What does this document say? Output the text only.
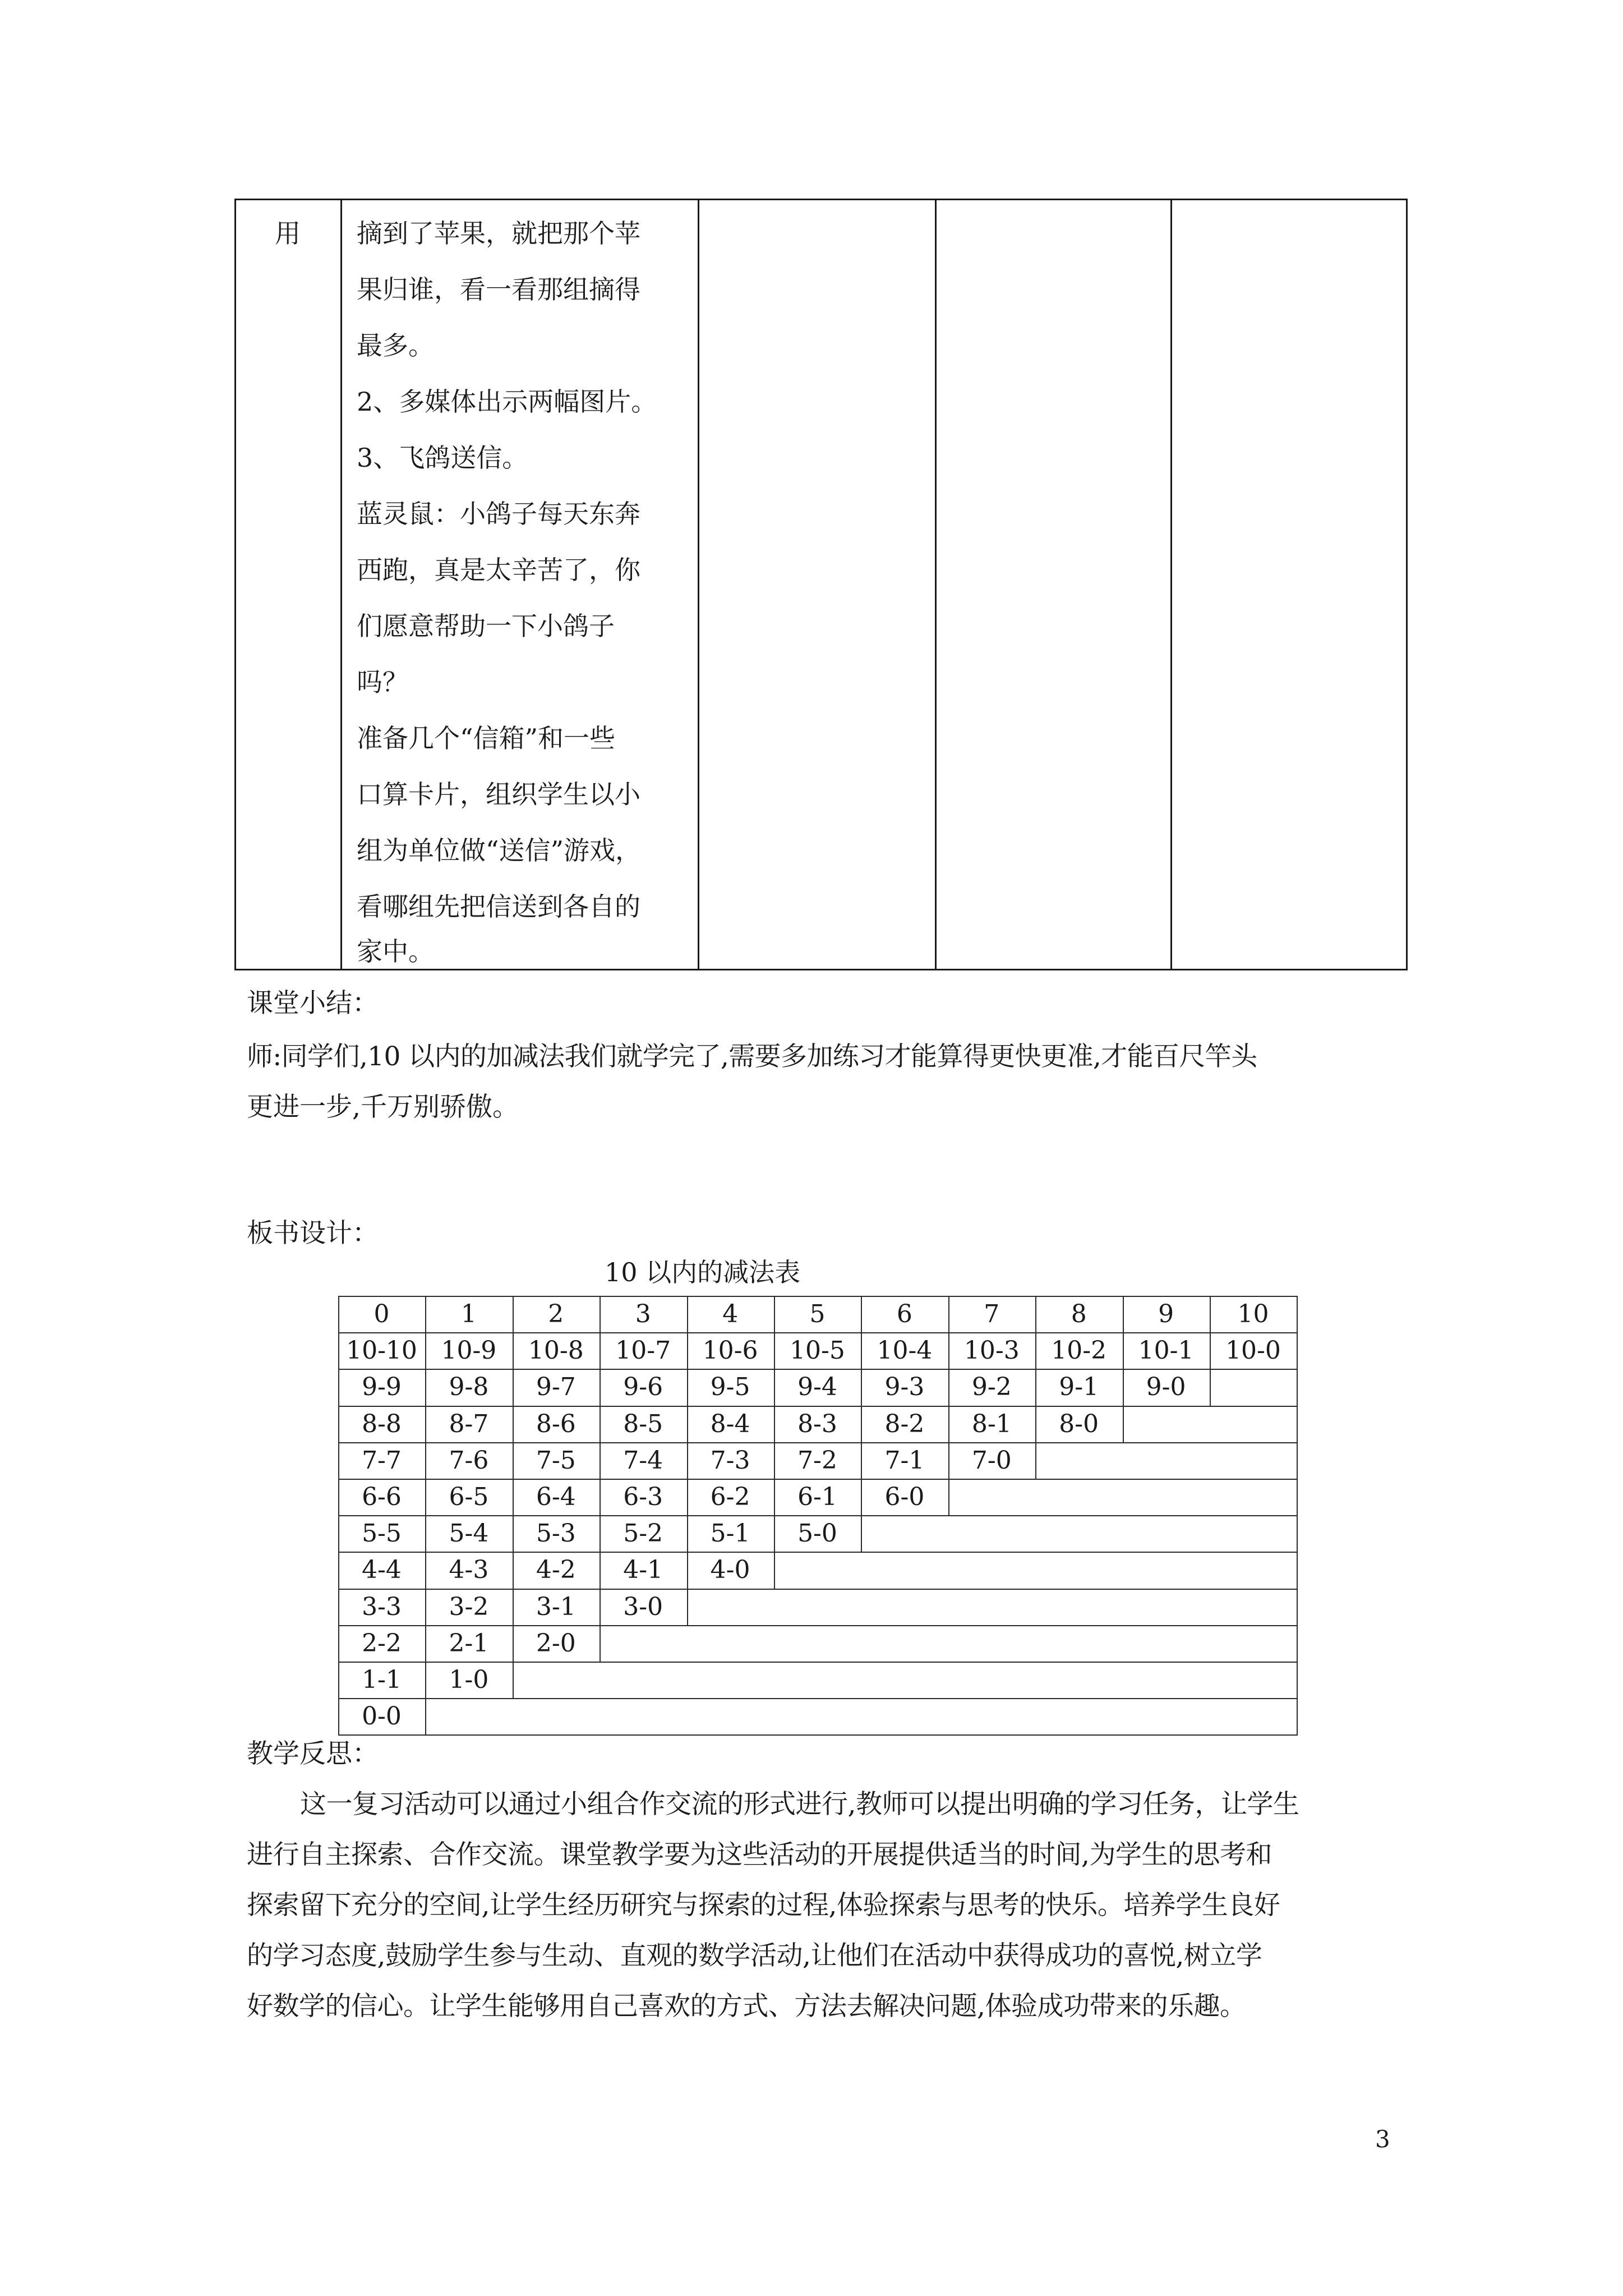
用 摘到了苹果，就把那个苹
果归谁，看一看那组摘得
最多。
2、多媒体出示两幅图片。
3、飞鸽送信。
蓝灵鼠：小鸽子每天东奔
西跑，真是太辛苦了，你
们愿意帮助一下小鸽子
吗？
准备几个“信箱”和一些
口算卡片，组织学生以小
组为单位做“送信”游戏，
看哪组先把信送到各自的
家中。
课堂小结：
师:同学们,10 以内的加减法我们就学完了,需要多加练习才能算得更快更准,才能百尺竿头
更进一步,千万别骄傲。
板书设计：
10 以内的减法表
0	1	2	3	4	5	6	7	8	9	10
10-10 10-9	10-8	10-7	10-6	10-5	10-4	10-3	10-2	10-1	10-0
9-9	9-8	9-7	9-6	9-5	9-4	9-3	9-2	9-1	9-0
8-8	8-7	8-6	8-5	8-4	8-3	8-2	8-1	8-0
7-7	7-6	7-5	7-4	7-3	7-2	7-1	7-0
6-6	6-5	6-4	6-3	6-2	6-1	6-0
5-5	5-4	5-3	5-2	5-1	5-0
4-4	4-3	4-2	4-1	4-0
3-3	3-2	3-1	3-0
2-2	2-1	2-0
1-1	1-0
0-0
教学反思：
这一复习活动可以通过小组合作交流的形式进行,教师可以提出明确的学习任务，让学生
进行自主探索、合作交流。课堂教学要为这些活动的开展提供适当的时间,为学生的思考和
探索留下充分的空间,让学生经历研究与探索的过程,体验探索与思考的快乐。培养学生良好
的学习态度,鼓励学生参与生动、直观的数学活动,让他们在活动中获得成功的喜悦,树立学
好数学的信心。让学生能够用自己喜欢的方式、方法去解决问题,体验成功带来的乐趣。
3
